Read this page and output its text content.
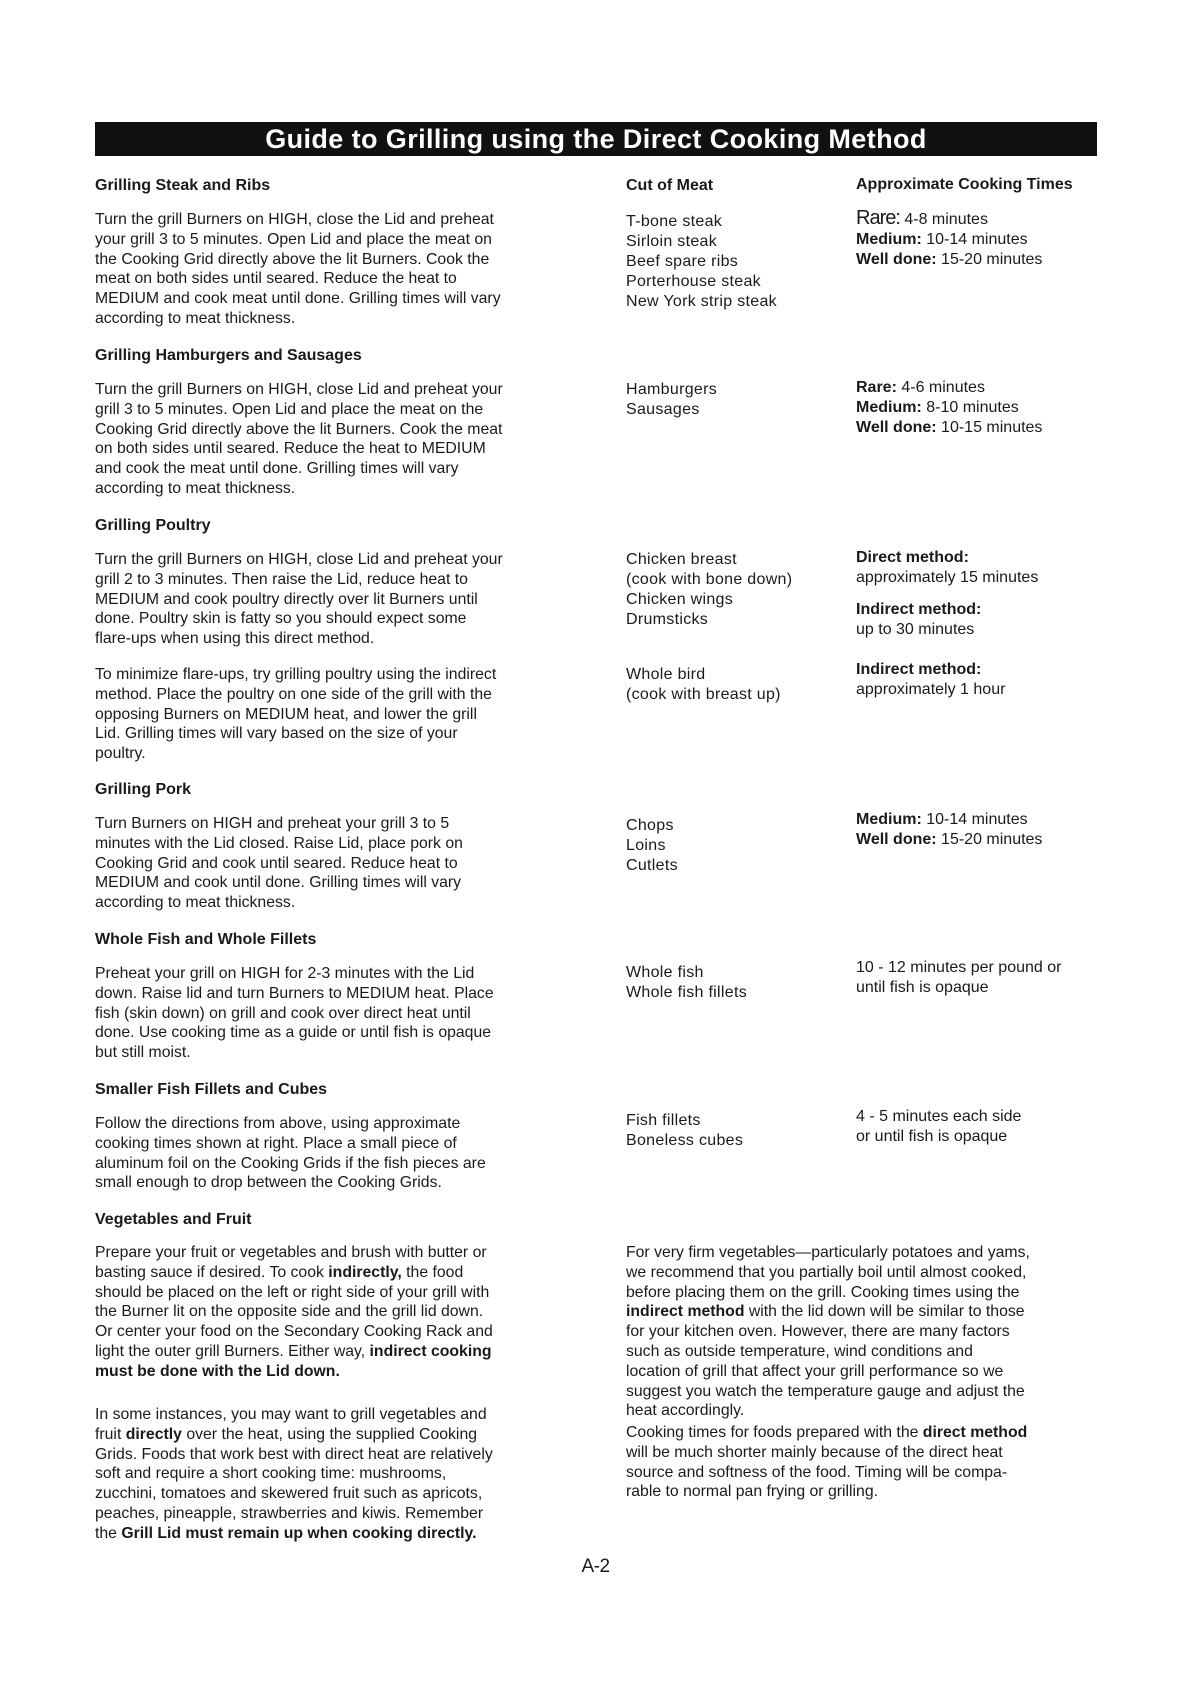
Guide to Grilling using the Direct Cooking Method
Cut of Meat	Approximate Cooking Times
Grilling Steak and Ribs
Turn the grill Burners on HIGH, close the Lid and preheat
your grill 3 to 5 minutes. Open Lid and place the meat on
the Cooking Grid directly above the lit Burners. Cook the
meat on both sides until seared. Reduce the heat to
MEDIUM and cook meat until done. Grilling times will vary
according to meat thickness.
T-bone steak
Sirloin steak
Beef spare ribs
Porterhouse steak
New York strip steak
Rare: 4-8 minutes
Medium: 10-14 minutes
Well done: 15-20 minutes
Grilling Hamburgers and Sausages
Turn the grill Burners on HIGH, close Lid and preheat your
grill 3 to 5 minutes. Open Lid and place the meat on the
Cooking Grid directly above the lit Burners. Cook the meat
on both sides until seared. Reduce the heat to MEDIUM
and cook the meat until done. Grilling times will vary
according to meat thickness.
Hamburgers
Sausages
Rare: 4-6 minutes
Medium: 8-10 minutes
Well done: 10-15 minutes
Grilling Poultry
Turn the grill Burners on HIGH, close Lid and preheat your
grill 2 to 3 minutes. Then raise the Lid, reduce heat to
MEDIUM and cook poultry directly over lit Burners until
done. Poultry skin is fatty so you should expect some
flare-ups when using this direct method.
To minimize flare-ups, try grilling poultry using the indirect
method. Place the poultry on one side of the grill with the
opposing Burners on MEDIUM heat, and lower the grill
Lid. Grilling times will vary based on the size of your
poultry.
Chicken breast
(cook with bone down)
Chicken wings
Drumsticks
Whole bird
(cook with breast up)
Direct method:
approximately 15 minutes
Indirect method:
up to 30 minutes
Indirect method:
approximately 1 hour
Grilling Pork
Turn Burners on HIGH and preheat your grill 3 to 5
minutes with the Lid closed. Raise Lid, place pork on
Cooking Grid and cook until seared. Reduce heat to
MEDIUM and cook until done. Grilling times will vary
according to meat thickness.
Chops
Loins
Cutlets
Medium: 10-14 minutes
Well done: 15-20 minutes
Whole Fish and Whole Fillets
Preheat your grill on HIGH for 2-3 minutes with the Lid
down. Raise lid and turn Burners to MEDIUM heat. Place
fish (skin down) on grill and cook over direct heat until
done. Use cooking time as a guide or until fish is opaque
but still moist.
Whole fish
Whole fish fillets
10 - 12 minutes per pound or
until fish is opaque
Smaller Fish Fillets and Cubes
Follow the directions from above, using approximate
cooking times shown at right. Place a small piece of
aluminum foil on the Cooking Grids if the fish pieces are
small enough to drop between the Cooking Grids.
Fish fillets
Boneless cubes
4 - 5 minutes each side
or until fish is opaque
Vegetables and Fruit
Prepare your fruit or vegetables and brush with butter or
basting sauce if desired. To cook indirectly, the food
should be placed on the left or right side of your grill with
the Burner lit on the opposite side and the grill lid down.
Or center your food on the Secondary Cooking Rack and
light the outer grill Burners. Either way, indirect cooking
must be done with the Lid down.
In some instances, you may want to grill vegetables and
fruit directly over the heat, using the supplied Cooking
Grids. Foods that work best with direct heat are relatively
soft and require a short cooking time: mushrooms,
zucchini, tomatoes and skewered fruit such as apricots,
peaches, pineapple, strawberries and kiwis. Remember
the Grill Lid must remain up when cooking directly.
For very firm vegetables—particularly potatoes and yams,
we recommend that you partially boil until almost cooked,
before placing them on the grill. Cooking times using the
indirect method with the lid down will be similar to those
for your kitchen oven. However, there are many factors
such as outside temperature, wind conditions and
location of grill that affect your grill performance so we
suggest you watch the temperature gauge and adjust the
heat accordingly.
Cooking times for foods prepared with the direct method
will be much shorter mainly because of the direct heat
source and softness of the food. Timing will be compa-
rable to normal pan frying or grilling.
A-2
